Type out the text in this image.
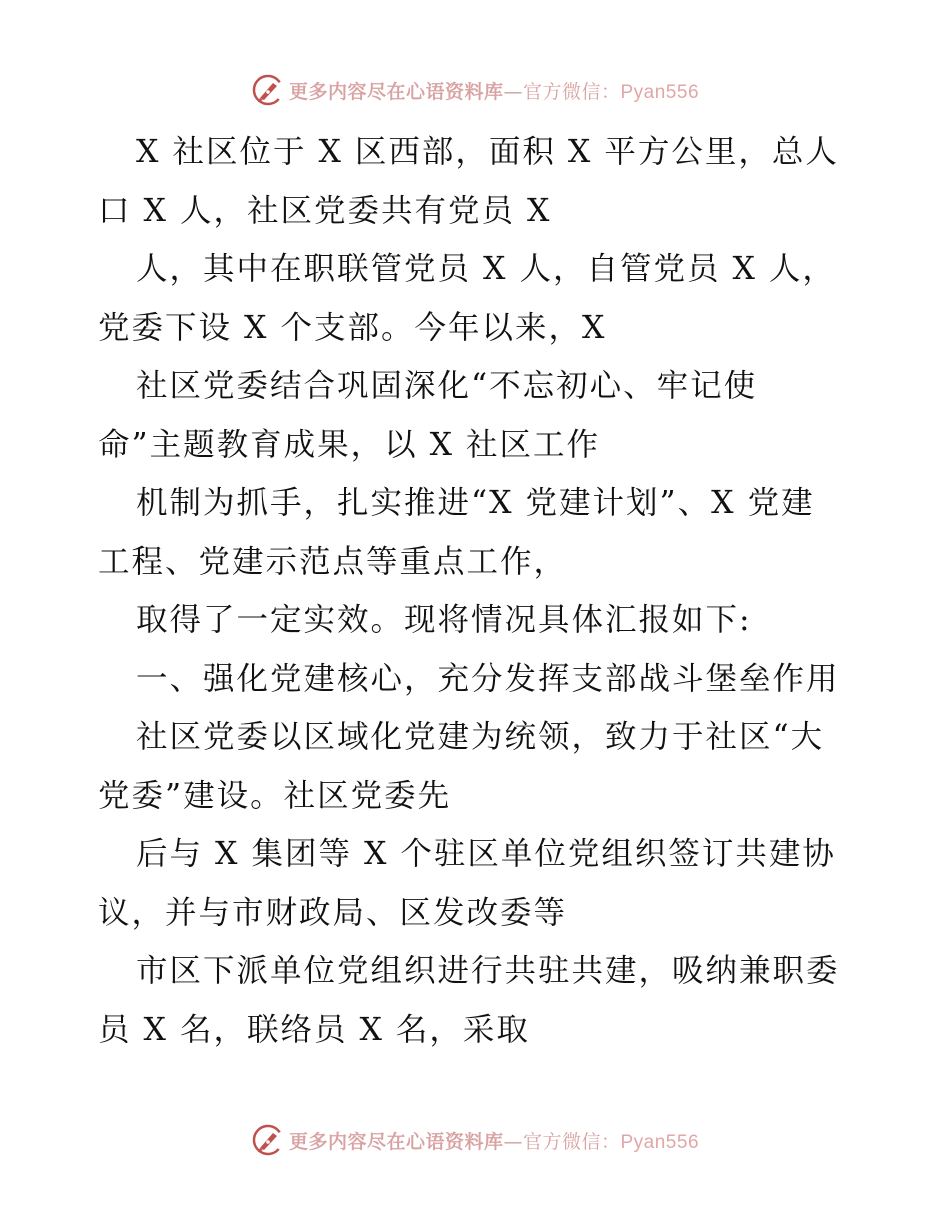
更多内容尽在心语资料库—官方微信：Pyan556
X 社区位于 X 区西部，面积 X 平方公里，总人
口 X 人，社区党委共有党员 X
人，其中在职联管党员 X 人，自管党员 X 人，
党委下设 X 个支部。今年以来，X
社区党委结合巩固深化“不忘初心、牢记使
命”主题教育成果，以 X 社区工作
机制为抓手，扎实推进“X 党建计划”、X 党建
工程、党建示范点等重点工作，
取得了一定实效。现将情况具体汇报如下:
一、强化党建核心，充分发挥支部战斗堡垒作用
社区党委以区域化党建为统领，致力于社区“大
党委”建设。社区党委先
后与 X 集团等 X 个驻区单位党组织签订共建协
议，并与市财政局、区发改委等
市区下派单位党组织进行共驻共建，吸纳兼职委
员 X 名，联络员 X 名，采取
更多内容尽在心语资料库—官方微信：Pyan556
